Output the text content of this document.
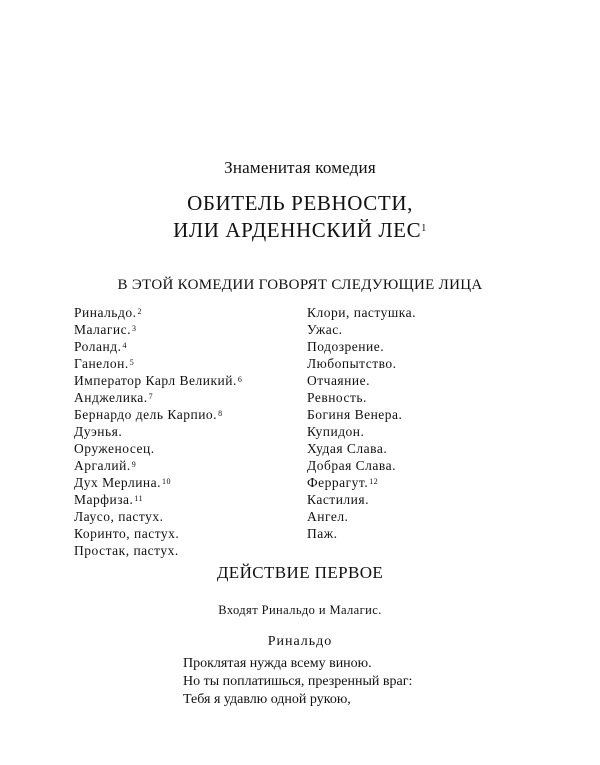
Знаменитая комедия
ОБИТЕЛЬ РЕВНОСТИ,
ИЛИ АРДЕННСКИЙ ЛЕС$^1$
В ЭТОЙ КОМЕДИИ ГОВОРЯТ СЛЕДУЮЩИЕ ЛИЦА
Ринальдо.$^2$
Малагис.$^3$
Роланд.$^4$
Ганелон.$^5$
Император Карл Великий.$^6$
Анджелика.$^7$
Бернардо дель Карпио.$^8$
Дуэнья.
Оруженосец.
Аргалий.$^9$
Дух Мерлина.$^{10}$
Марфиза.$^{11}$
Лаусо, пастух.
Коринто, пастух.
Простак, пастух.
Клори, пастушка.
Ужас.
Подозрение.
Любопытство.
Отчаяние.
Ревность.
Богиня Венера.
Купидон.
Худая Слава.
Добрая Слава.
Феррагут.$^{12}$
Кастилия.
Ангел.
Паж.
ДЕЙСТВИЕ ПЕРВОЕ
Входят Ринальдо и Малагис.
Ринальдо
Проклятая нужда всему виною.
Но ты поплатишься, презренный враг:
Тебя я удавлю одной рукою,
